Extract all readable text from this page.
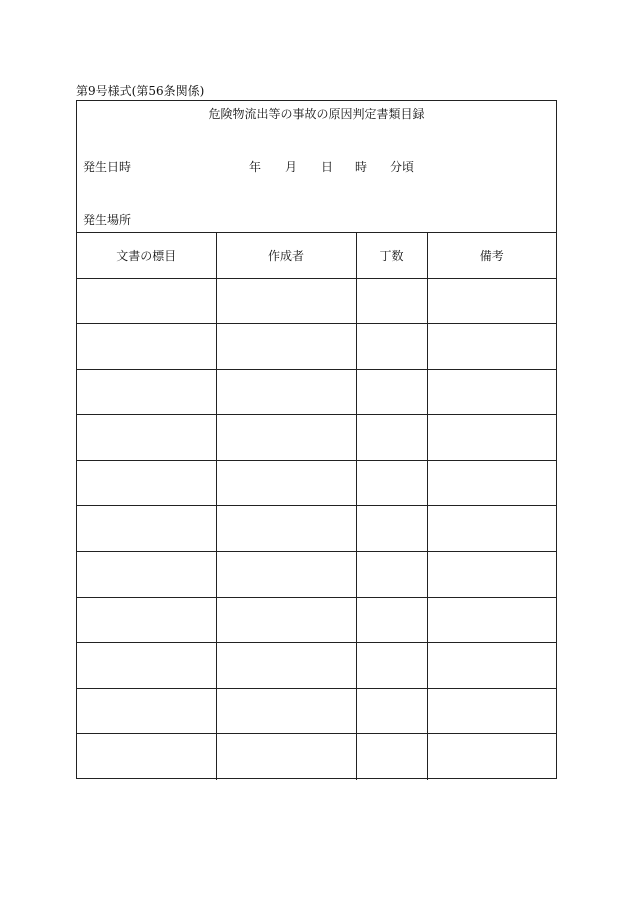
第9号様式(第56条関係)
危険物流出等の事故の原因判定書類目録
発生日時	年 月 日 時 分頃
発生場所
文書の標目	作成者	丁数	備考
